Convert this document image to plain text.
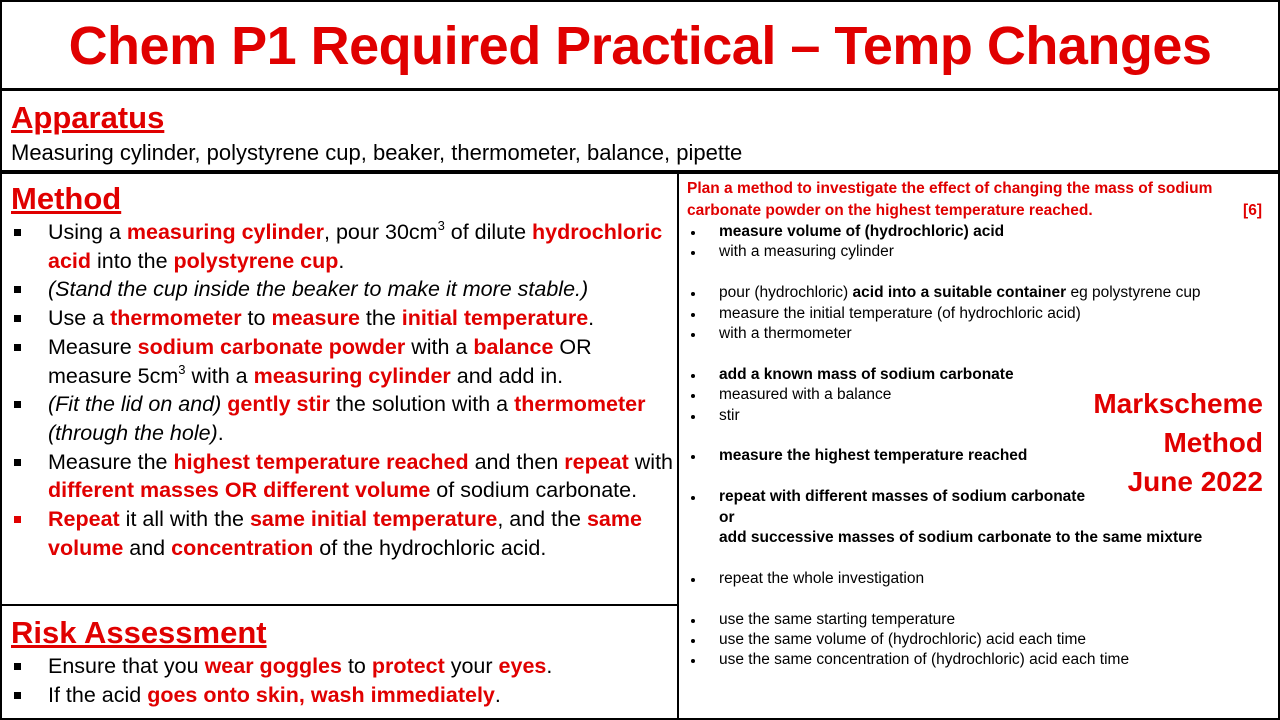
Chem P1 Required Practical – Temp Changes
Apparatus
Measuring cylinder, polystyrene cup, beaker, thermometer, balance, pipette
Method
Using a measuring cylinder, pour $30cm^3$ of dilute hydrochloric acid into the polystyrene cup.
(Stand the cup inside the beaker to make it more stable.)
Use a thermometer to measure the initial temperature.
Measure sodium carbonate powder with a balance OR measure $5cm^3$ with a measuring cylinder and add in.
(Fit the lid on and) gently stir the solution with a thermometer (through the hole).
Measure the highest temperature reached and then repeat with different masses OR different volume of sodium carbonate.
Repeat it all with the same initial temperature, and the same volume and concentration of the hydrochloric acid.
Risk Assessment
Ensure that you wear goggles to protect your eyes.
If the acid goes onto skin, wash immediately.
Plan a method to investigate the effect of changing the mass of sodium carbonate powder on the highest temperature reached.	[6]
measure volume of (hydrochloric) acid
with a measuring cylinder
pour (hydrochloric) acid into a suitable container eg polystyrene cup
measure the initial temperature (of hydrochloric acid)
with a thermometer
add a known mass of sodium carbonate
measured with a balance
stir
measure the highest temperature reached
repeat with different masses of sodium carbonate
or
add successive masses of sodium carbonate to the same mixture
repeat the whole investigation
use the same starting temperature
use the same volume of (hydrochloric) acid each time
use the same concentration of (hydrochloric) acid each time
Markscheme
Method
June 2022
